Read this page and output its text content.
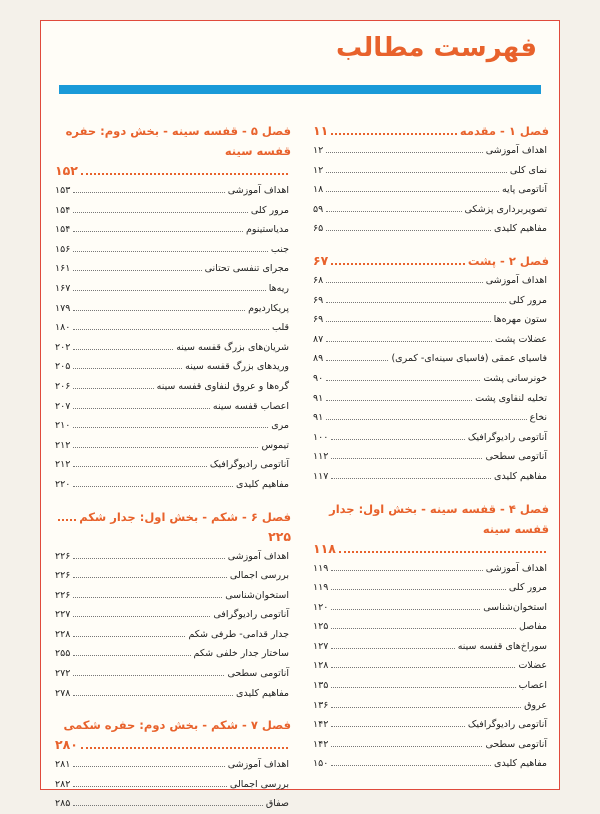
فهرست مطالب
فصل ۱ - مقدمه
۱۱
اهداف آموزشی
۱۲
نمای کلی
۱۲
آناتومی پایه
۱۸
تصویربرداری پزشکی
۵۹
مفاهیم کلیدی
۶۵
فصل ۲ - پشت
۶۷
اهداف آموزشی
۶۸
مرور کلی
۶۹
ستون مهره‌ها
۶۹
عضلات پشت
۸۷
فاسیای عمقی (فاسیای سینه‌ای- کمری)
۸۹
خونرسانی پشت
۹۰
تخلیه لنفاوی پشت
۹۱
نخاع
۹۱
آناتومی رادیوگرافیک
۱۰۰
آناتومی سطحی
۱۱۲
مفاهیم کلیدی
۱۱۷
فصل ۴ - قفسه سینه - بخش اول: جدار قفسه سینه
۱۱۸
اهداف آموزشی
۱۱۹
مرور کلی
۱۱۹
استخوان‌شناسی
۱۲۰
مفاصل
۱۲۵
سوراخ‌های قفسه سینه
۱۲۷
عضلات
۱۲۸
اعصاب
۱۳۵
عروق
۱۳۶
آناتومی رادیوگرافیک
۱۴۲
آناتومی سطحی
۱۴۲
مفاهیم کلیدی
۱۵۰
فصل ۵ - قفسه سینه - بخش دوم: حفره قفسه سینه
۱۵۲
اهداف آموزشی
۱۵۳
مرور کلی
۱۵۴
مدیاستینوم
۱۵۴
جنب
۱۵۶
مجرای تنفسی تحتانی
۱۶۱
ریه‌ها
۱۶۷
پریکاردیوم
۱۷۹
قلب
۱۸۰
شریان‌های بزرگ قفسه سینه
۲۰۲
وریدهای بزرگ قفسه سینه
۲۰۵
گره‌ها و عروق لنفاوی قفسه سینه
۲۰۶
اعصاب قفسه سینه
۲۰۷
مری
۲۱۰
تیموس
۲۱۲
آناتومی رادیوگرافیک
۲۱۲
مفاهیم کلیدی
۲۲۰
فصل ۶ - شکم - بخش اول: جدار شکم
۲۲۵
اهداف آموزشی
۲۲۶
بررسی اجمالی
۲۲۶
استخوان‌شناسی
۲۲۶
آناتومی رادیوگرافی
۲۲۷
جدار قدامی- طرفی شکم
۲۲۸
ساختار جدار خلفی شکم
۲۵۵
آناتومی سطحی
۲۷۲
مفاهیم کلیدی
۲۷۸
فصل ۷ - شکم - بخش دوم: حفره شکمی
۲۸۰
اهداف آموزشی
۲۸۱
بررسی اجمالی
۲۸۲
صفاق
۲۸۵
